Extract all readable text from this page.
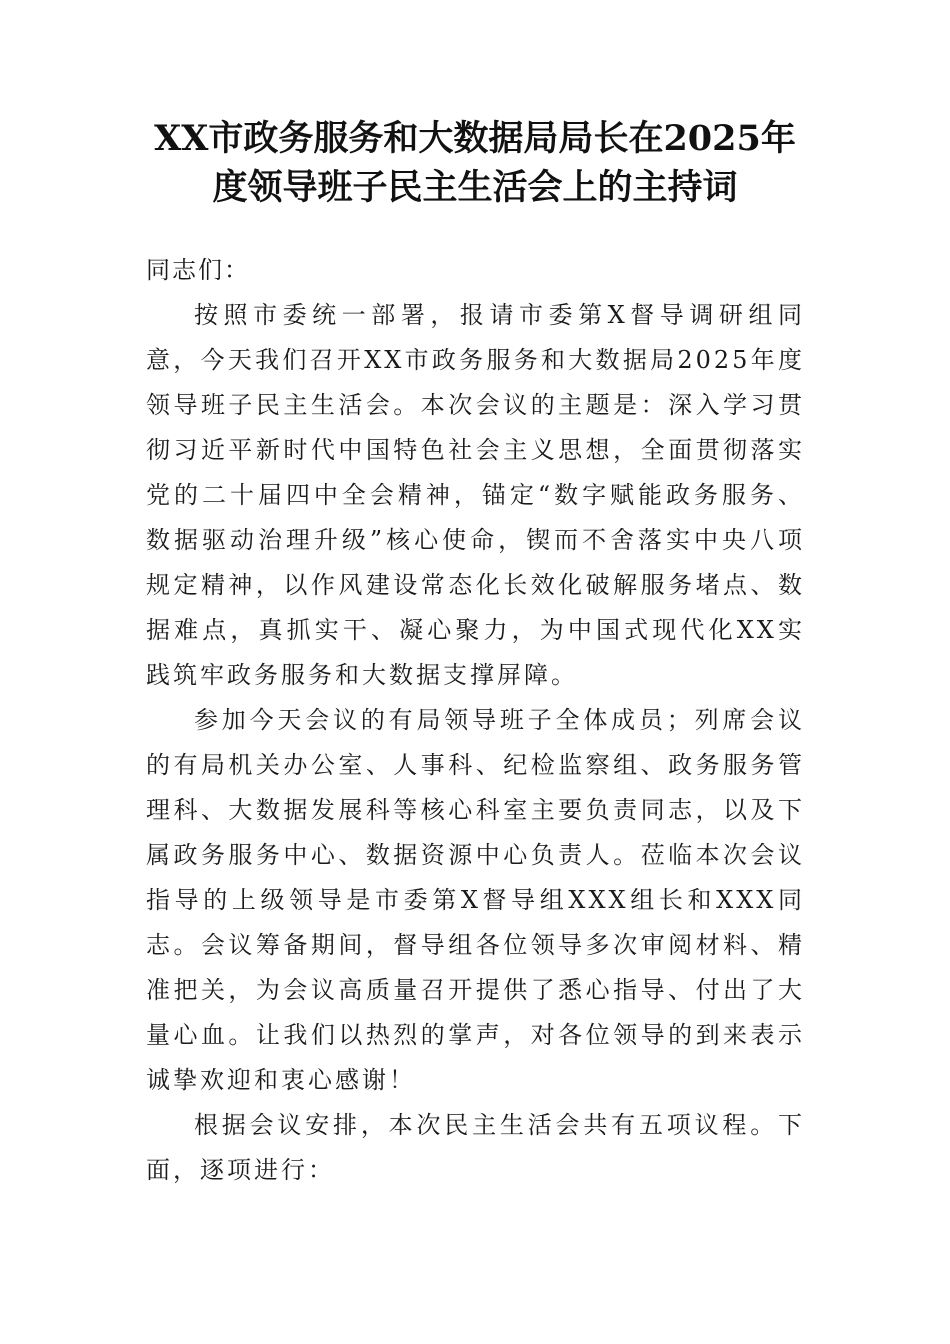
XX市政务服务和大数据局局长在2025年度领导班子民主生活会上的主持词

同志们：

按照市委统一部署，报请市委第X督导调研组同意，今天我们召开XX市政务服务和大数据局2025年度领导班子民主生活会。本次会议的主题是：深入学习贯彻习近平新时代中国特色社会主义思想，全面贯彻落实党的二十届四中全会精神，锚定“数字赋能政务服务、数据驱动治理升级”核心使命，锲而不舍落实中央八项规定精神，以作风建设常态化长效化破解服务堵点、数据难点，真抓实干、凝心聚力，为中国式现代化XX实践筑牢政务服务和大数据支撑屏障。

参加今天会议的有局领导班子全体成员；列席会议的有局机关办公室、人事科、纪检监察组、政务服务管理科、大数据发展科等核心科室主要负责同志，以及下属政务服务中心、数据资源中心负责人。莅临本次会议指导的上级领导是市委第X督导组XXX组长和XXX同志。会议筹备期间，督导组各位领导多次审阅材料、精准把关，为会议高质量召开提供了悉心指导、付出了大量心血。让我们以热烈的掌声，对各位领导的到来表示诚挚欢迎和衷心感谢！

根据会议安排，本次民主生活会共有五项议程。下面，逐项进行：
